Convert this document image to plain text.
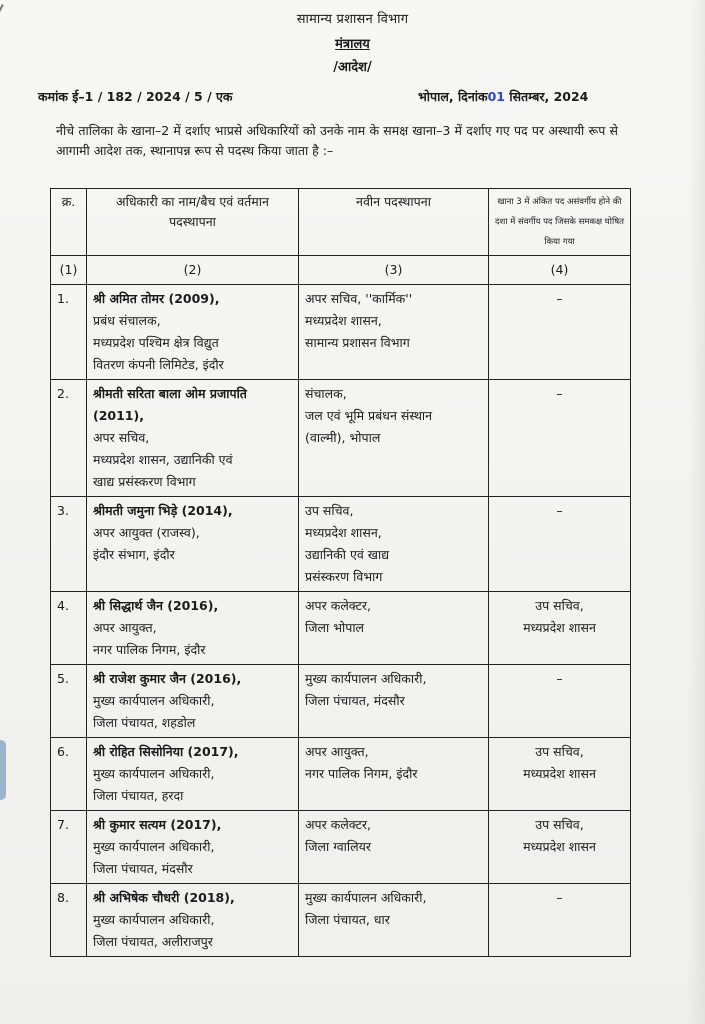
सामान्य प्रशासन विभाग
मंत्रालय
/आदेश/
कमांक ई–1 / 182 / 2024 / 5 / एक	भोपाल, दिनांक01 सितम्बर, 2024
नीचे तालिका के खाना–2 में दर्शाए भाप्रसे अधिकारियों को उनके नाम के समक्ष खाना–3 में दर्शाए गए पद पर अस्थायी रूप से आगामी आदेश तक, स्थानापन्न रूप से पदस्थ किया जाता है :–
क्र.	अधिकारी का नाम/बैच एवं वर्तमान पदस्थापना	नवीन पदस्थापना	खाना 3 में अंकित पद असंवर्गीय होने की दशा में संवर्गीय पद जिसके समकक्ष घोषित किया गया
(1)	(2)	(3)	(4)
1.	श्री अमित तोमर (2009),
प्रबंध संचालक,
मध्यप्रदेश पश्चिम क्षेत्र विद्युत
वितरण कंपनी लिमिटेड, इंदौर	अपर सचिव, ''कार्मिक''
मध्यप्रदेश शासन,
सामान्य प्रशासन विभाग	–

2.	श्रीमती सरिता बाला ओम प्रजापति (2011),
अपर सचिव,
मध्यप्रदेश शासन, उद्यानिकी एवं
खाद्य प्रसंस्करण विभाग	संचालक,
जल एवं भूमि प्रबंधन संस्थान
(वाल्मी), भोपाल	–

3.	श्रीमती जमुना भिड़े (2014),
अपर आयुक्त (राजस्व),
इंदौर संभाग, इंदौर	उप सचिव,
मध्यप्रदेश शासन,
उद्यानिकी एवं खाद्य
प्रसंस्करण विभाग	–

4.	श्री सिद्धार्थ जैन (2016),
अपर आयुक्त,
नगर पालिक निगम, इंदौर	अपर कलेक्टर,
जिला भोपाल	उप सचिव,
मध्यप्रदेश शासन

5.	श्री राजेश कुमार जैन (2016),
मुख्य कार्यपालन अधिकारी,
जिला पंचायत, शहडोल	मुख्य कार्यपालन अधिकारी,
जिला पंचायत, मंदसौर	–

6.	श्री रोहित सिसोनिया (2017),
मुख्य कार्यपालन अधिकारी,
जिला पंचायत, हरदा	अपर आयुक्त,
नगर पालिक निगम, इंदौर	उप सचिव,
मध्यप्रदेश शासन

7.	श्री कुमार सत्यम (2017),
मुख्य कार्यपालन अधिकारी,
जिला पंचायत, मंदसौर	अपर कलेक्टर,
जिला ग्वालियर	उप सचिव,
मध्यप्रदेश शासन

8.	श्री अभिषेक चौधरी (2018),
मुख्य कार्यपालन अधिकारी,
जिला पंचायत, अलीराजपुर	मुख्य कार्यपालन अधिकारी,
जिला पंचायत, धार	–
